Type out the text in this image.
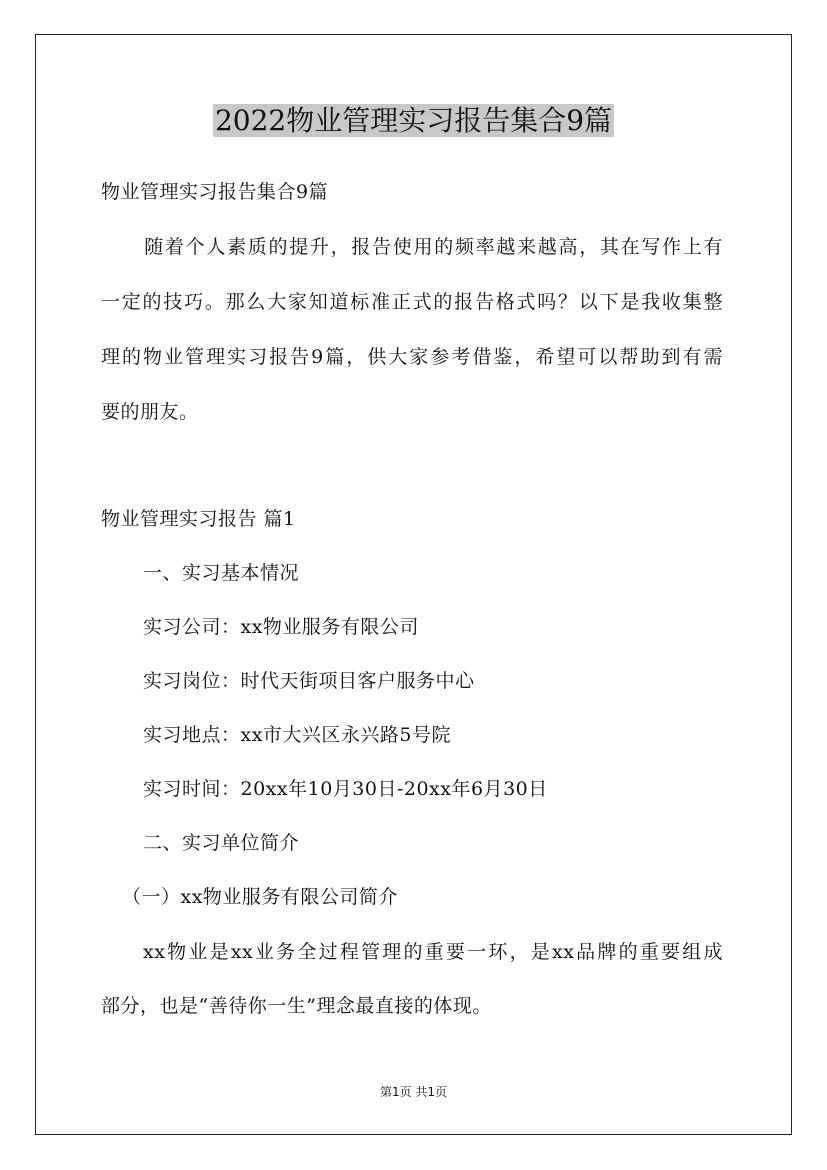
2022物业管理实习报告集合9篇
物业管理实习报告集合9篇
随着个人素质的提升，报告使用的频率越来越高，其在写作上有
一定的技巧。那么大家知道标准正式的报告格式吗？以下是我收集整
理的物业管理实习报告9篇，供大家参考借鉴，希望可以帮助到有需
要的朋友。
物业管理实习报告 篇1
一、实习基本情况
实习公司：xx物业服务有限公司
实习岗位：时代天街项目客户服务中心
实习地点：xx市大兴区永兴路5号院
实习时间：20xx年10月30日-20xx年6月30日
二、实习单位简介
（一）xx物业服务有限公司简介
xx物业是xx业务全过程管理的重要一环，是xx品牌的重要组成
部分，也是“善待你一生”理念最直接的体现。
第1页 共1页
